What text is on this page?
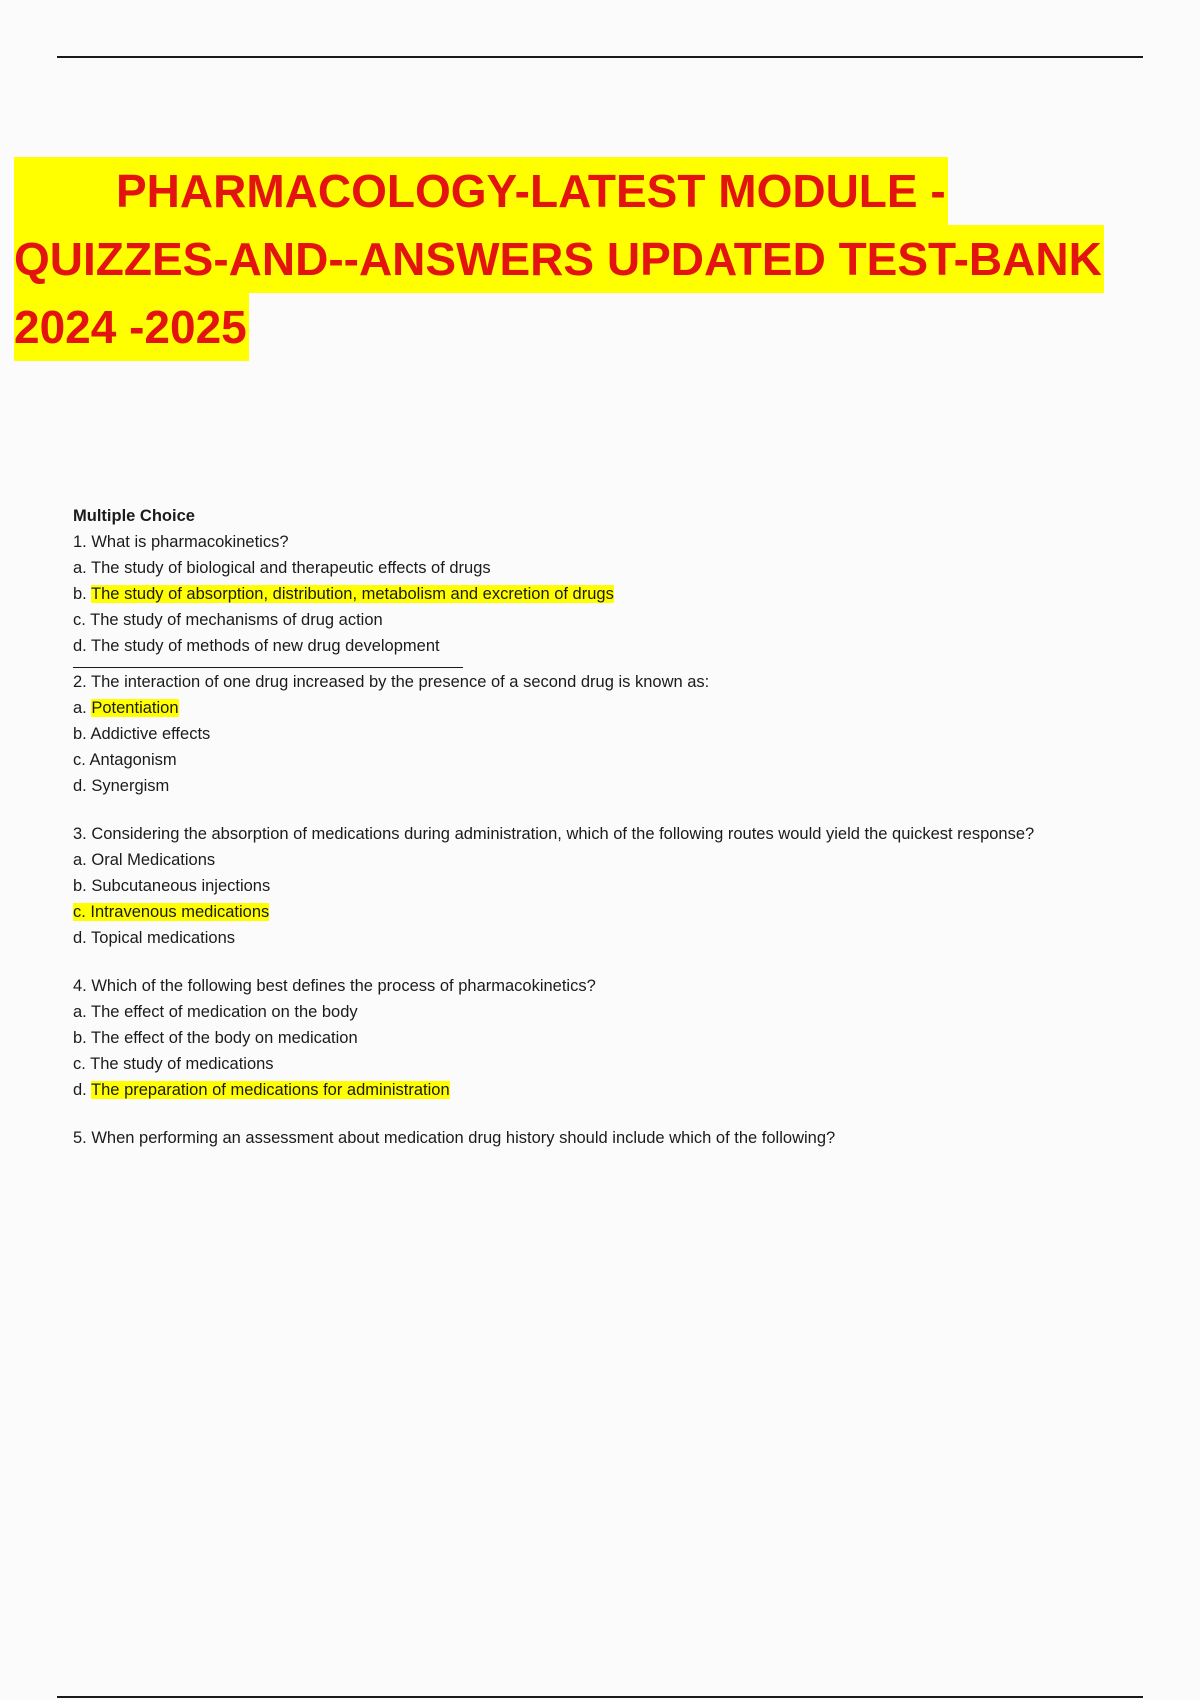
PHARMACOLOGY-LATEST MODULE -
QUIZZES-AND--ANSWERS UPDATED TEST-BANK
2024 -2025
Multiple Choice
1. What is pharmacokinetics?
a. The study of biological and therapeutic effects of drugs
b. The study of absorption, distribution, metabolism and excretion of drugs
c. The study of mechanisms of drug action
d. The study of methods of new drug development
2. The interaction of one drug increased by the presence of a second drug is known as:
a. Potentiation
b. Addictive effects
c. Antagonism
d. Synergism
3. Considering the absorption of medications during administration, which of the following routes would yield the quickest response?
a. Oral Medications
b. Subcutaneous injections
c. Intravenous medications
d. Topical medications
4. Which of the following best defines the process of pharmacokinetics?
a. The effect of medication on the body
b. The effect of the body on medication
c. The study of medications
d. The preparation of medications for administration
5. When performing an assessment about medication drug history should include which of the following?
